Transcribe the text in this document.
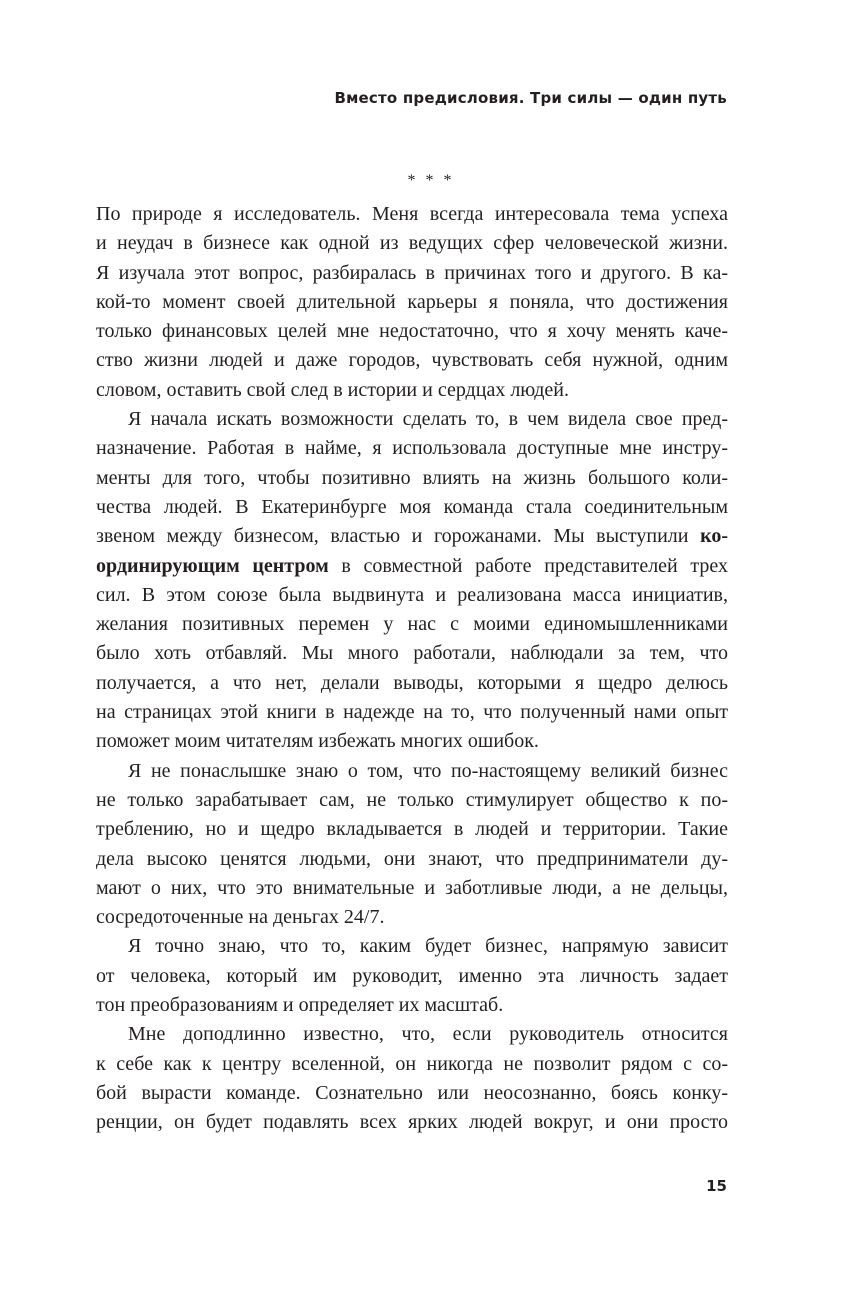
Вместо предисловия. Три силы — один путь
* * *
По природе я исследователь. Меня всегда интересовала тема успеха
и неудач в бизнесе как одной из ведущих сфер человеческой жизни.
Я изучала этот вопрос, разбиралась в причинах того и другого. В ка-
кой-то момент своей длительной карьеры я поняла, что достижения
только финансовых целей мне недостаточно, что я хочу менять каче-
ство жизни людей и даже городов, чувствовать себя нужной, одним
словом, оставить свой след в истории и сердцах людей.
Я начала искать возможности сделать то, в чем видела свое пред-
назначение. Работая в найме, я использовала доступные мне инстру-
менты для того, чтобы позитивно влиять на жизнь большого коли-
чества людей. В Екатеринбурге моя команда стала соединительным
звеном между бизнесом, властью и горожанами. Мы выступили ко-
ординирующим центром в совместной работе представителей трех
сил. В этом союзе была выдвинута и реализована масса инициатив,
желания позитивных перемен у нас с моими единомышленниками
было хоть отбавляй. Мы много работали, наблюдали за тем, что
получается, а что нет, делали выводы, которыми я щедро делюсь
на страницах этой книги в надежде на то, что полученный нами опыт
поможет моим читателям избежать многих ошибок.
Я не понаслышке знаю о том, что по-настоящему великий бизнес
не только зарабатывает сам, не только стимулирует общество к по-
треблению, но и щедро вкладывается в людей и территории. Такие
дела высоко ценятся людьми, они знают, что предприниматели ду-
мают о них, что это внимательные и заботливые люди, а не дельцы,
сосредоточенные на деньгах 24/7.
Я точно знаю, что то, каким будет бизнес, напрямую зависит
от человека, который им руководит, именно эта личность задает
тон преобразованиям и определяет их масштаб.
Мне доподлинно известно, что, если руководитель относится
к себе как к центру вселенной, он никогда не позволит рядом с со-
бой вырасти команде. Сознательно или неосознанно, боясь конку-
ренции, он будет подавлять всех ярких людей вокруг, и они просто
15
